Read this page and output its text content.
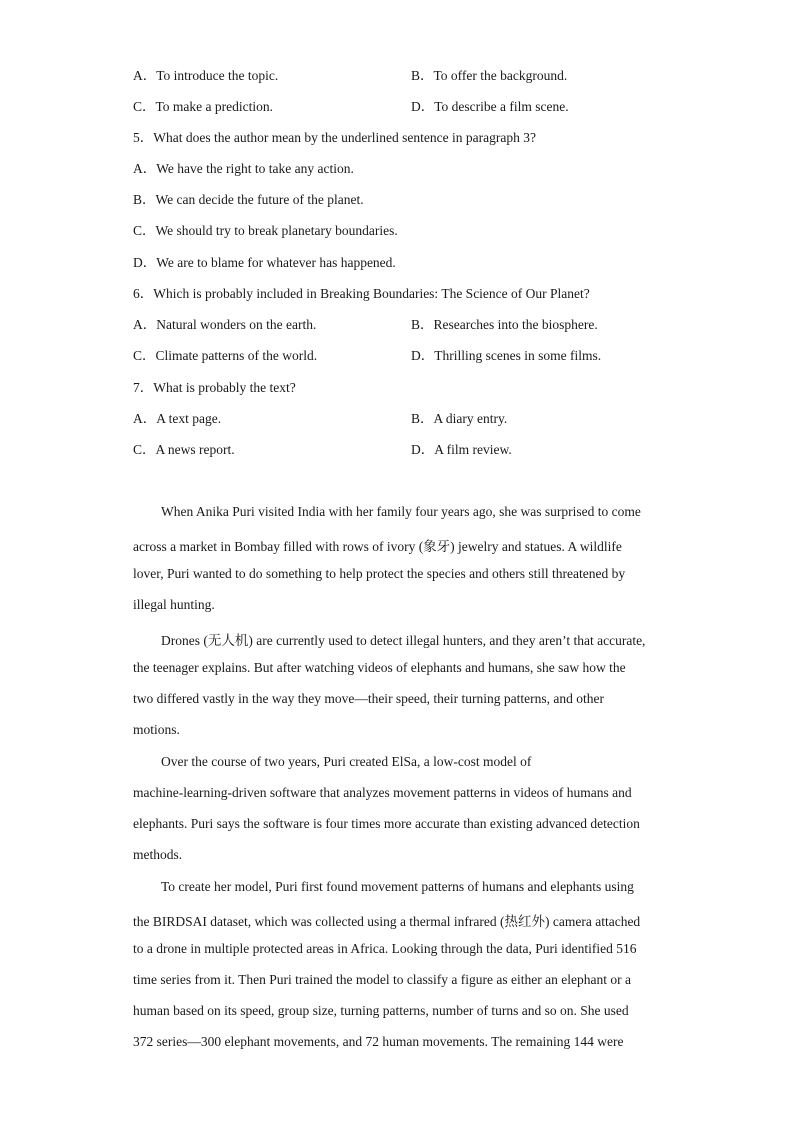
A．To introduce the topic.	B．To offer the background.
C．To make a prediction.	D．To describe a film scene.
5．What does the author mean by the underlined sentence in paragraph 3?
A．We have the right to take any action.
B．We can decide the future of the planet.
C．We should try to break planetary boundaries.
D．We are to blame for whatever has happened.
6．Which is probably included in Breaking Boundaries: The Science of Our Planet?
A．Natural wonders on the earth.	B．Researches into the biosphere.
C．Climate patterns of the world.	D．Thrilling scenes in some films.
7．What is probably the text?
A．A text page.	B．A diary entry.
C．A news report.	D．A film review.
When Anika Puri visited India with her family four years ago, she was surprised to come
across a market in Bombay filled with rows of ivory (象牙) jewelry and statues. A wildlife
lover, Puri wanted to do something to help protect the species and others still threatened by
illegal hunting.
Drones (无人机) are currently used to detect illegal hunters, and they aren’t that accurate,
the teenager explains. But after watching videos of elephants and humans, she saw how the
two differed vastly in the way they move—their speed, their turning patterns, and other
motions.
Over the course of two years, Puri created ElSa, a low-cost model of
machine-learning-driven software that analyzes movement patterns in videos of humans and
elephants. Puri says the software is four times more accurate than existing advanced detection
methods.
To create her model, Puri first found movement patterns of humans and elephants using
the BIRDSAI dataset, which was collected using a thermal infrared (热红外) camera attached
to a drone in multiple protected areas in Africa. Looking through the data, Puri identified 516
time series from it. Then Puri trained the model to classify a figure as either an elephant or a
human based on its speed, group size, turning patterns, number of turns and so on. She used
372 series—300 elephant movements, and 72 human movements. The remaining 144 were
